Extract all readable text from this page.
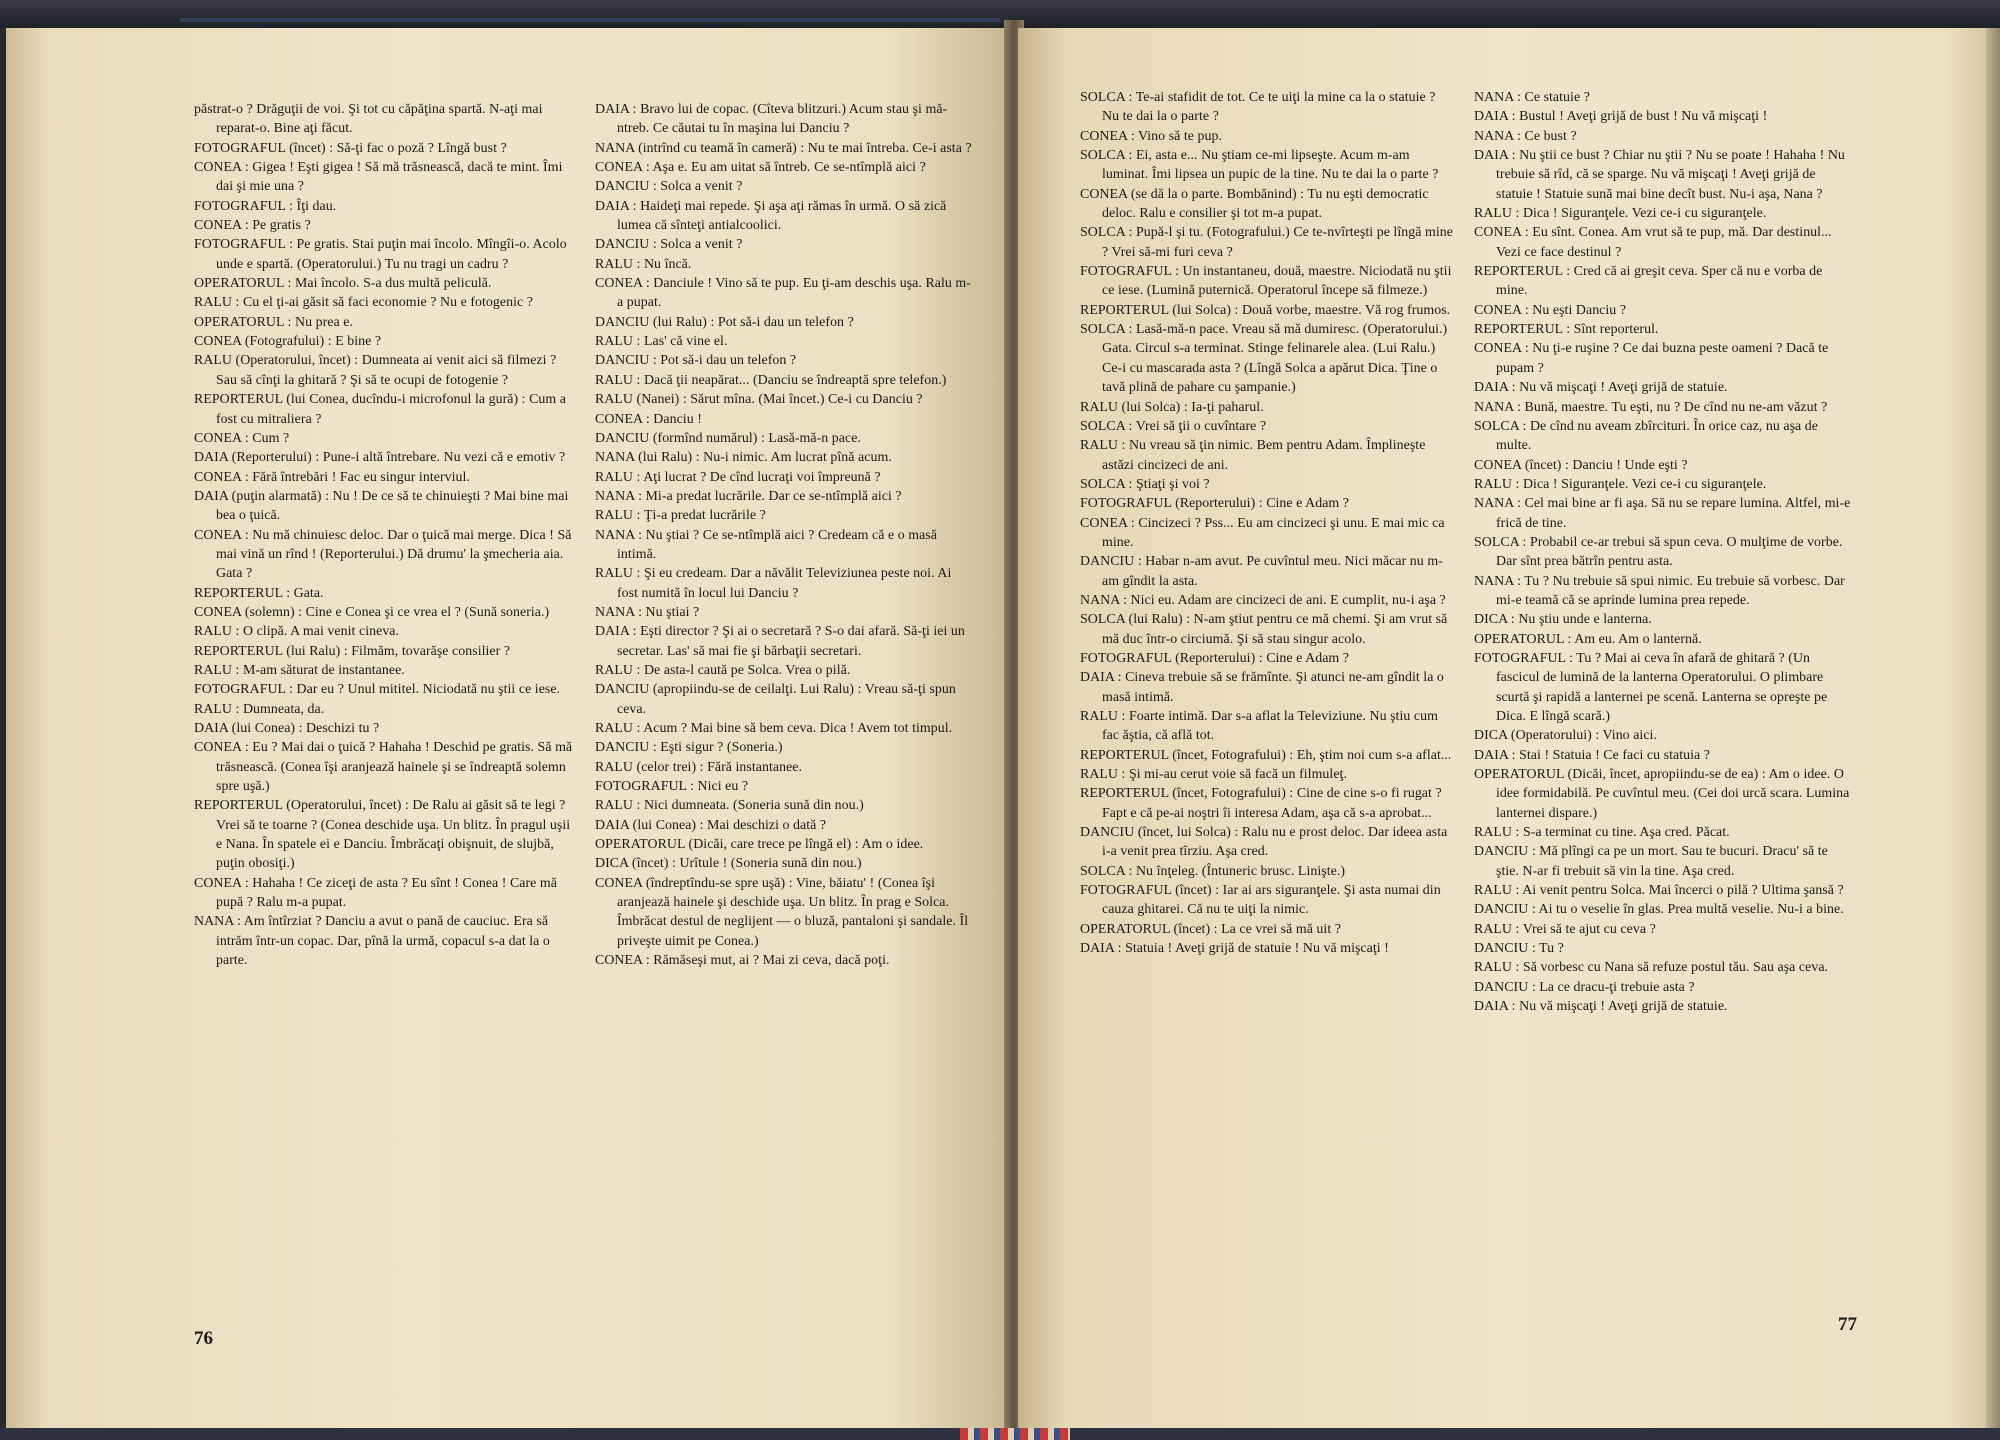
păstrat-o ? Drăguţii de voi. Şi tot cu căpăţina spartă. N-aţi mai reparat-o. Bine aţi făcut.

FOTOGRAFUL (încet) : Să-ţi fac o poză ? Lîngă bust ?

CONEA : Gigea ! Eşti gigea ! Să mă trăsnească, dacă te mint. Îmi dai şi mie una ?

FOTOGRAFUL : Îţi dau.

CONEA : Pe gratis ?

FOTOGRAFUL : Pe gratis. Stai puţin mai încolo. Mîngîi-o. Acolo unde e spartă. (Operatorului.) Tu nu tragi un cadru ?

OPERATORUL : Mai încolo. S-a dus multă peliculă.

RALU : Cu el ţi-ai găsit să faci economie ? Nu e fotogenic ?

OPERATORUL : Nu prea e.

CONEA (Fotografului) : E bine ?

RALU (Operatorului, încet) : Dumneata ai venit aici să filmezi ? Sau să cînţi la ghitară ? Şi să te ocupi de fotogenie ?

REPORTERUL (lui Conea, ducîndu-i microfonul la gură) : Cum a fost cu mitraliera ?

CONEA : Cum ?

DAIA (Reporterului) : Pune-i altă întrebare. Nu vezi că e emotiv ?

CONEA : Fără întrebări ! Fac eu singur interviul.

DAIA (puţin alarmată) : Nu ! De ce să te chinuieşti ? Mai bine mai bea o ţuică.

CONEA : Nu mă chinuiesc deloc. Dar o ţuică mai merge. Dica ! Să mai vină un rînd ! (Reporterului.) Dă drumu' la şmecheria aia. Gata ?

REPORTERUL : Gata.

CONEA (solemn) : Cine e Conea şi ce vrea el ? (Sună soneria.)

RALU : O clipă. A mai venit cineva.

REPORTERUL (lui Ralu) : Filmăm, tovarăşe consilier ?

RALU : M-am săturat de instantanee.

FOTOGRAFUL : Dar eu ? Unul mititel. Niciodată nu ştii ce iese.

RALU : Dumneata, da.

DAIA (lui Conea) : Deschizi tu ?

CONEA : Eu ? Mai dai o ţuică ? Hahaha ! Deschid pe gratis. Să mă trăsnească. (Conea îşi aranjează hainele şi se îndreaptă solemn spre uşă.)

REPORTERUL (Operatorului, încet) : De Ralu ai găsit să te legi ? Vrei să te toarne ? (Conea deschide uşa. Un blitz. În pragul uşii e Nana. În spatele ei e Danciu. Îmbrăcaţi obişnuit, de slujbă, puţin obosiţi.)

CONEA : Hahaha ! Ce ziceţi de asta ? Eu sînt ! Conea ! Care mă pupă ? Ralu m-a pupat.

NANA : Am întîrziat ? Danciu a avut o pană de cauciuc. Era să intrăm într-un copac. Dar, pînă la urmă, copacul s-a dat la o parte.

DAIA : Bravo lui de copac. (Cîteva blitzuri.) Acum stau şi mă-ntreb. Ce căutai tu în maşina lui Danciu ?

NANA (intrînd cu teamă în cameră) : Nu te mai întreba. Ce-i asta ?

CONEA : Aşa e. Eu am uitat să întreb. Ce se-ntîmplă aici ?

DANCIU : Solca a venit ?

DAIA : Haideţi mai repede. Şi aşa aţi rămas în urmă. O să zică lumea că sînteţi antialcoolici.

DANCIU : Solca a venit ?

RALU : Nu încă.

CONEA : Danciule ! Vino să te pup. Eu ţi-am deschis uşa. Ralu m-a pupat.

DANCIU (lui Ralu) : Pot să-i dau un telefon ?

RALU : Las' că vine el.

DANCIU : Pot să-i dau un telefon ?

RALU : Dacă ţii neapărat... (Danciu se îndreaptă spre telefon.)

RALU (Nanei) : Sărut mîna. (Mai încet.) Ce-i cu Danciu ?

CONEA : Danciu !

DANCIU (formînd numărul) : Lasă-mă-n pace.

NANA (lui Ralu) : Nu-i nimic. Am lucrat pînă acum.

RALU : Aţi lucrat ? De cînd lucraţi voi împreună ?

NANA : Mi-a predat lucrările. Dar ce se-ntîmplă aici ?

RALU : Ţi-a predat lucrările ?

NANA : Nu ştiai ? Ce se-ntîmplă aici ? Credeam că e o masă intimă.

RALU : Şi eu credeam. Dar a năvălit Televiziunea peste noi. Ai fost numită în locul lui Danciu ?

NANA : Nu ştiai ?

DAIA : Eşti director ? Şi ai o secretară ? S-o dai afară. Să-ţi iei un secretar. Las' să mai fie şi bărbaţii secretari.

RALU : De asta-l caută pe Solca. Vrea o pilă.

DANCIU (apropiindu-se de ceilalţi. Lui Ralu) : Vreau să-ţi spun ceva.

RALU : Acum ? Mai bine să bem ceva. Dica ! Avem tot timpul.

DANCIU : Eşti sigur ? (Soneria.)

RALU (celor trei) : Fără instantanee.

FOTOGRAFUL : Nici eu ?

RALU : Nici dumneata. (Soneria sună din nou.)

DAIA (lui Conea) : Mai deschizi o dată ?

OPERATORUL (Dicăi, care trece pe lîngă el) : Am o idee.

DICA (încet) : Urîtule ! (Soneria sună din nou.)

CONEA (îndreptîndu-se spre uşă) : Vine, băiatu' ! (Conea îşi aranjează hainele şi deschide uşa. Un blitz. În prag e Solca. Îmbrăcat destul de neglijent — o bluză, pantaloni şi sandale. Îl priveşte uimit pe Conea.)

CONEA : Rămăseşi mut, ai ? Mai zi ceva, dacă poţi.

76

SOLCA : Te-ai stafidit de tot. Ce te uiţi la mine ca la o statuie ? Nu te dai la o parte ?

CONEA : Vino să te pup.

SOLCA : Ei, asta e... Nu ştiam ce-mi lipseşte. Acum m-am luminat. Îmi lipsea un pupic de la tine. Nu te dai la o parte ?

CONEA (se dă la o parte. Bombănind) : Tu nu eşti democratic deloc. Ralu e consilier şi tot m-a pupat.

SOLCA : Pupă-l şi tu. (Fotografului.) Ce te-nvîrteşti pe lîngă mine ? Vrei să-mi furi ceva ?

FOTOGRAFUL : Un instantaneu, două, maestre. Niciodată nu ştii ce iese. (Lumină puternică. Operatorul începe să filmeze.)

REPORTERUL (lui Solca) : Două vorbe, maestre. Vă rog frumos.

SOLCA : Lasă-mă-n pace. Vreau să mă dumiresc. (Operatorului.) Gata. Circul s-a terminat. Stinge felinarele alea. (Lui Ralu.) Ce-i cu mascarada asta ? (Lîngă Solca a apărut Dica. Ţine o tavă plină de pahare cu şampanie.)

RALU (lui Solca) : Ia-ţi paharul.

SOLCA : Vrei să ţii o cuvîntare ?

RALU : Nu vreau să ţin nimic. Bem pentru Adam. Împlineşte astăzi cincizeci de ani.

SOLCA : Ştiaţi şi voi ?

FOTOGRAFUL (Reporterului) : Cine e Adam ?

CONEA : Cincizeci ? Pss... Eu am cincizeci şi unu. E mai mic ca mine.

DANCIU : Habar n-am avut. Pe cuvîntul meu. Nici măcar nu m-am gîndit la asta.

NANA : Nici eu. Adam are cincizeci de ani. E cumplit, nu-i aşa ?

SOLCA (lui Ralu) : N-am ştiut pentru ce mă chemi. Şi am vrut să mă duc într-o circiumă. Şi să stau singur acolo.

FOTOGRAFUL (Reporterului) : Cine e Adam ?

DAIA : Cineva trebuie să se frămînte. Şi atunci ne-am gîndit la o masă intimă.

RALU : Foarte intimă. Dar s-a aflat la Televiziune. Nu ştiu cum fac ăştia, că află tot.

REPORTERUL (încet, Fotografului) : Eh, ştim noi cum s-a aflat...

RALU : Şi mi-au cerut voie să facă un filmuleţ.

REPORTERUL (încet, Fotografului) : Cine de cine s-o fi rugat ? Fapt e că pe-ai noştri îi interesa Adam, aşa că s-a aprobat...

DANCIU (încet, lui Solca) : Ralu nu e prost deloc. Dar ideea asta i-a venit prea tîrziu. Aşa cred.

SOLCA : Nu înţeleg. (Întuneric brusc. Linişte.)

FOTOGRAFUL (încet) : Iar ai ars siguranţele. Şi asta numai din cauza ghitarei. Că nu te uiţi la nimic.

OPERATORUL (încet) : La ce vrei să mă uit ?

DAIA : Statuia ! Aveţi grijă de statuie ! Nu vă mişcaţi !

NANA : Ce statuie ?

DAIA : Bustul ! Aveţi grijă de bust ! Nu vă mişcaţi !

NANA : Ce bust ?

DAIA : Nu ştii ce bust ? Chiar nu ştii ? Nu se poate ! Hahaha ! Nu trebuie să rîd, că se sparge. Nu vă mişcaţi ! Aveţi grijă de statuie ! Statuie sună mai bine decît bust. Nu-i aşa, Nana ?

RALU : Dica ! Siguranţele. Vezi ce-i cu siguranţele.

CONEA : Eu sînt. Conea. Am vrut să te pup, mă. Dar destinul... Vezi ce face destinul ?

REPORTERUL : Cred că ai greşit ceva. Sper că nu e vorba de mine.

CONEA : Nu eşti Danciu ?

REPORTERUL : Sînt reporterul.

CONEA : Nu ţi-e ruşine ? Ce dai buzna peste oameni ? Dacă te pupam ?

DAIA : Nu vă mişcaţi ! Aveţi grijă de statuie.

NANA : Bună, maestre. Tu eşti, nu ? De cînd nu ne-am văzut ?

SOLCA : De cînd nu aveam zbîrcituri. În orice caz, nu aşa de multe.

CONEA (încet) : Danciu ! Unde eşti ?

RALU : Dica ! Siguranţele. Vezi ce-i cu siguranţele.

NANA : Cel mai bine ar fi aşa. Să nu se repare lumina. Altfel, mi-e frică de tine.

SOLCA : Probabil ce-ar trebui să spun ceva. O mulţime de vorbe. Dar sînt prea bătrîn pentru asta.

NANA : Tu ? Nu trebuie să spui nimic. Eu trebuie să vorbesc. Dar mi-e teamă că se aprinde lumina prea repede.

DICA : Nu ştiu unde e lanterna.

OPERATORUL : Am eu. Am o lanternă.

FOTOGRAFUL : Tu ? Mai ai ceva în afară de ghitară ? (Un fascicul de lumină de la lanterna Operatorului. O plimbare scurtă şi rapidă a lanternei pe scenă. Lanterna se opreşte pe Dica. E lîngă scară.)

DICA (Operatorului) : Vino aici.

DAIA : Stai ! Statuia ! Ce faci cu statuia ?

OPERATORUL (Dicăi, încet, apropiindu-se de ea) : Am o idee. O idee formidabilă. Pe cuvîntul meu. (Cei doi urcă scara. Lumina lanternei dispare.)

RALU : S-a terminat cu tine. Aşa cred. Păcat.

DANCIU : Mă plîngi ca pe un mort. Sau te bucuri. Dracu' să te ştie. N-ar fi trebuit să vin la tine. Aşa cred.

RALU : Ai venit pentru Solca. Mai încerci o pilă ? Ultima şansă ?

DANCIU : Ai tu o veselie în glas. Prea multă veselie. Nu-i a bine.

RALU : Vrei să te ajut cu ceva ?

DANCIU : Tu ?

RALU : Să vorbesc cu Nana să refuze postul tău. Sau aşa ceva.

DANCIU : La ce dracu-ţi trebuie asta ?

DAIA : Nu vă mişcaţi ! Aveţi grijă de statuie.

77
